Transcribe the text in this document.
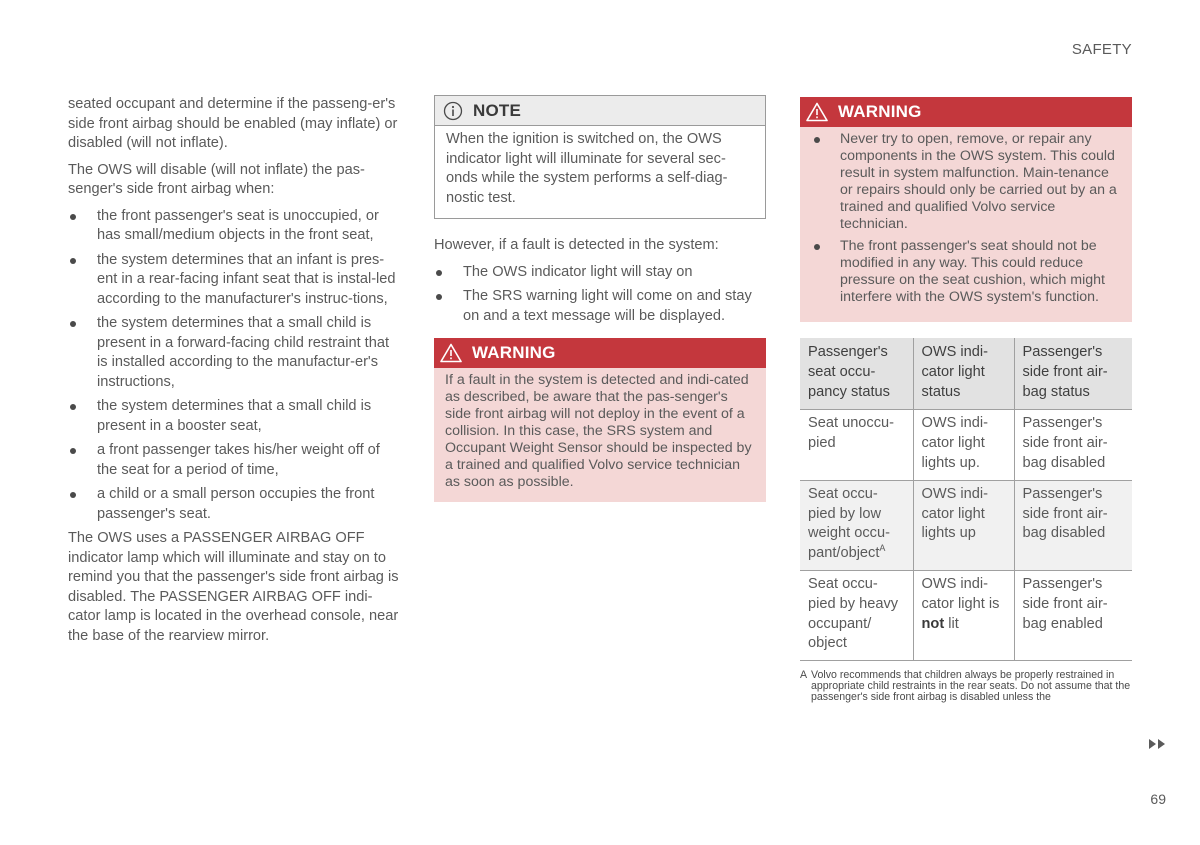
SAFETY

seated occupant and determine if the passeng-er's side front airbag should be enabled (may inflate) or disabled (will not inflate).

The OWS will disable (will not inflate) the pas-senger's side front airbag when:

the front passenger's seat is unoccupied, or has small/medium objects in the front seat,
the system determines that an infant is pres-ent in a rear-facing infant seat that is instal-led according to the manufacturer's instruc-tions,
the system determines that a small child is present in a forward-facing child restraint that is installed according to the manufactur-er's instructions,
the system determines that a small child is present in a booster seat,
a front passenger takes his/her weight off of the seat for a period of time,
a child or a small person occupies the front passenger's seat.

The OWS uses a PASSENGER AIRBAG OFF indicator lamp which will illuminate and stay on to remind you that the passenger's side front airbag is disabled. The PASSENGER AIRBAG OFF indi-cator lamp is located in the overhead console, near the base of the rearview mirror.

NOTE
When the ignition is switched on, the OWS indicator light will illuminate for several sec-onds while the system performs a self-diag-nostic test.

However, if a fault is detected in the system:

The OWS indicator light will stay on
The SRS warning light will come on and stay on and a text message will be displayed.
WARNING
If a fault in the system is detected and indi-cated as described, be aware that the pas-senger's side front airbag will not deploy in the event of a collision. In this case, the SRS system and Occupant Weight Sensor should be inspected by a trained and qualified Volvo service technician as soon as possible.
WARNING
Never try to open, remove, or repair any components in the OWS system. This could result in system malfunction. Main-tenance or repairs should only be carried out by an a trained and qualified Volvo service technician.
The front passenger's seat should not be modified in any way. This could reduce pressure on the seat cushion, which might interfere with the OWS system's function.
Passenger's seat occu-pancy status	OWS indi-cator light status	Passenger's side front air-bag status
Seat unoccu-pied	OWS indi-cator light lights up.	Passenger's side front air-bag disabled
Seat occu-pied by low weight occu-pant/object$^A$	OWS indi-cator light lights up	Passenger's side front air-bag disabled
Seat occu-pied by heavy occupant/ object	OWS indi-cator light is not lit	Passenger's side front air-bag enabled
A Volvo recommends that children always be properly restrained in appropriate child restraints in the rear seats. Do not assume that the passenger's side front airbag is disabled unless the
69
